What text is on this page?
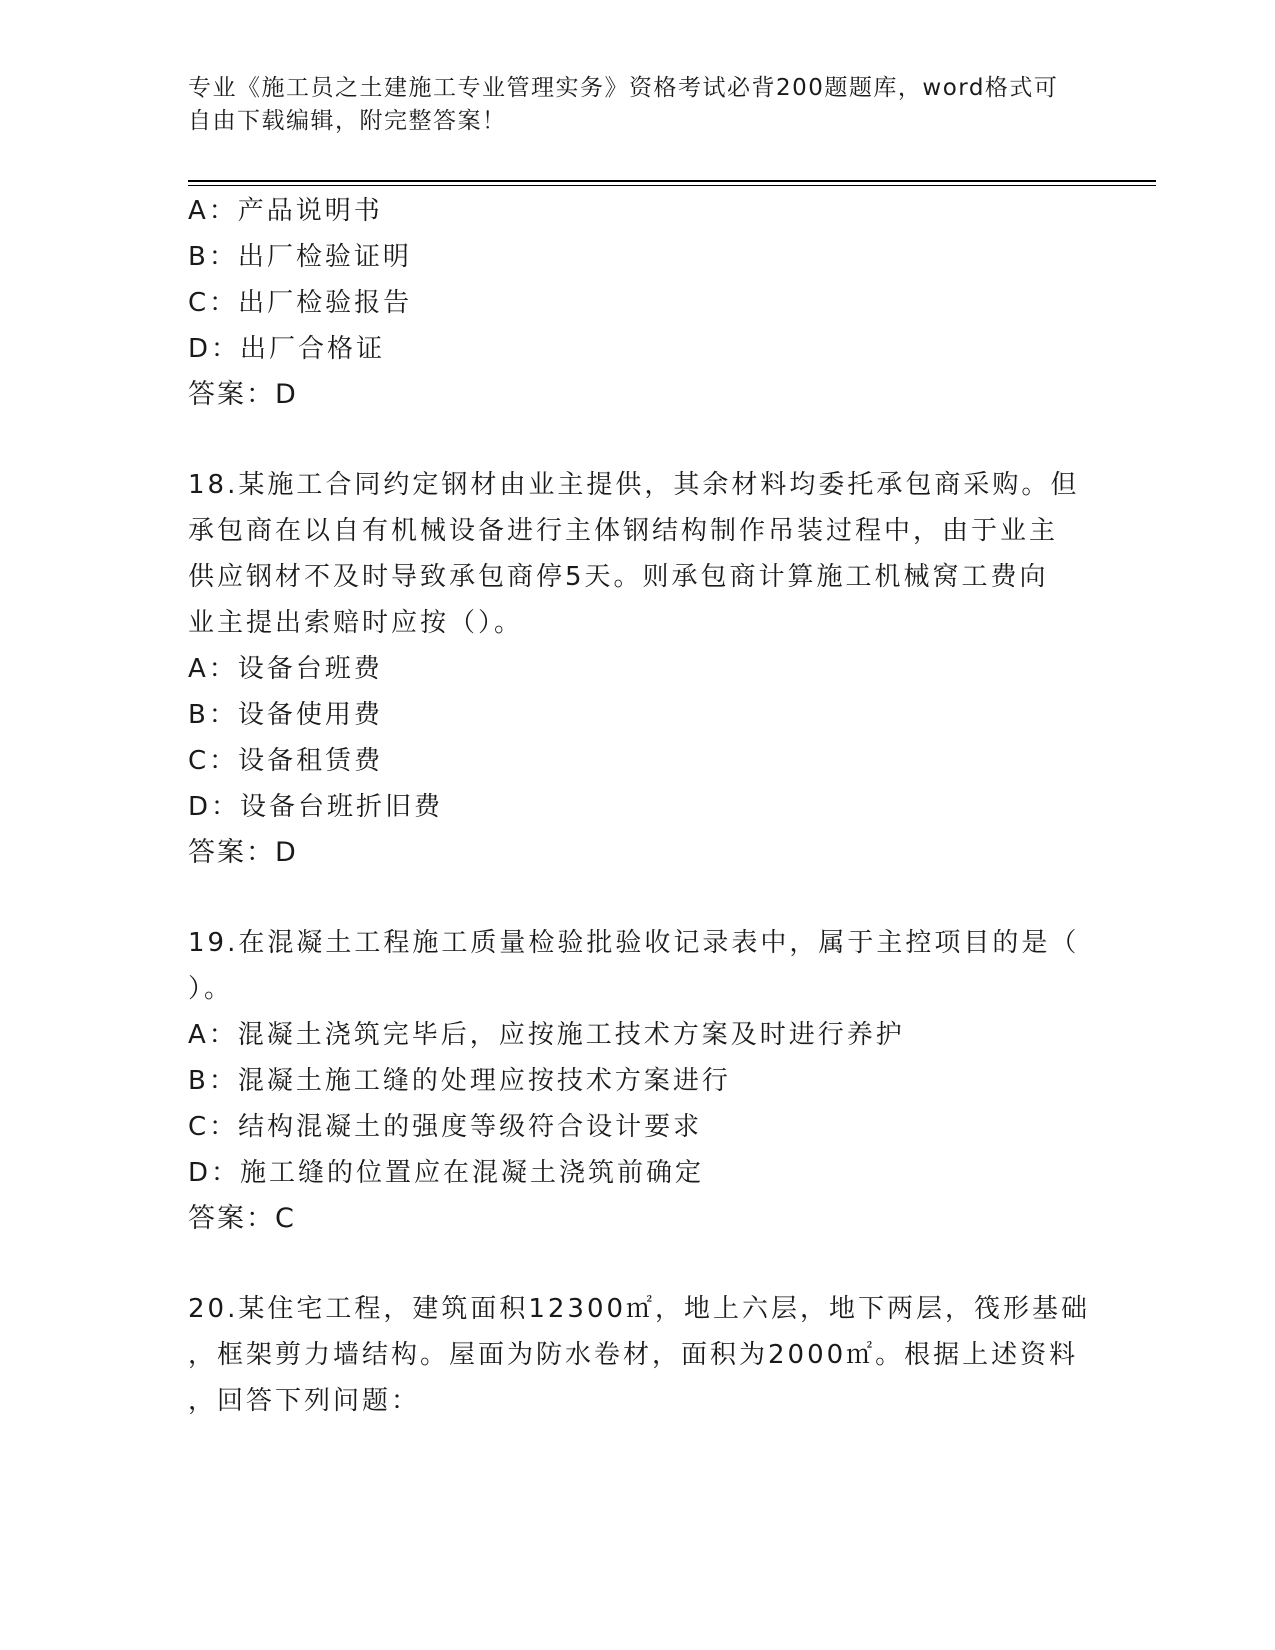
专业《施工员之土建施工专业管理实务》资格考试必背200题题库，word格式可
自由下载编辑，附完整答案！
A：产品说明书
B：出厂检验证明
C：出厂检验报告
D：出厂合格证
答案：D
18.某施工合同约定钢材由业主提供，其余材料均委托承包商采购。但
承包商在以自有机械设备进行主体钢结构制作吊装过程中，由于业主
供应钢材不及时导致承包商停5天。则承包商计算施工机械窝工费向
业主提出索赔时应按（）。
A：设备台班费
B：设备使用费
C：设备租赁费
D：设备台班折旧费
答案：D
19.在混凝土工程施工质量检验批验收记录表中，属于主控项目的是（
）。
A：混凝土浇筑完毕后，应按施工技术方案及时进行养护
B：混凝土施工缝的处理应按技术方案进行
C：结构混凝土的强度等级符合设计要求
D：施工缝的位置应在混凝土浇筑前确定
答案：C
20.某住宅工程，建筑面积12300㎡，地上六层，地下两层，筏形基础
，框架剪力墙结构。屋面为防水卷材，面积为2000㎡。根据上述资料
，回答下列问题：
